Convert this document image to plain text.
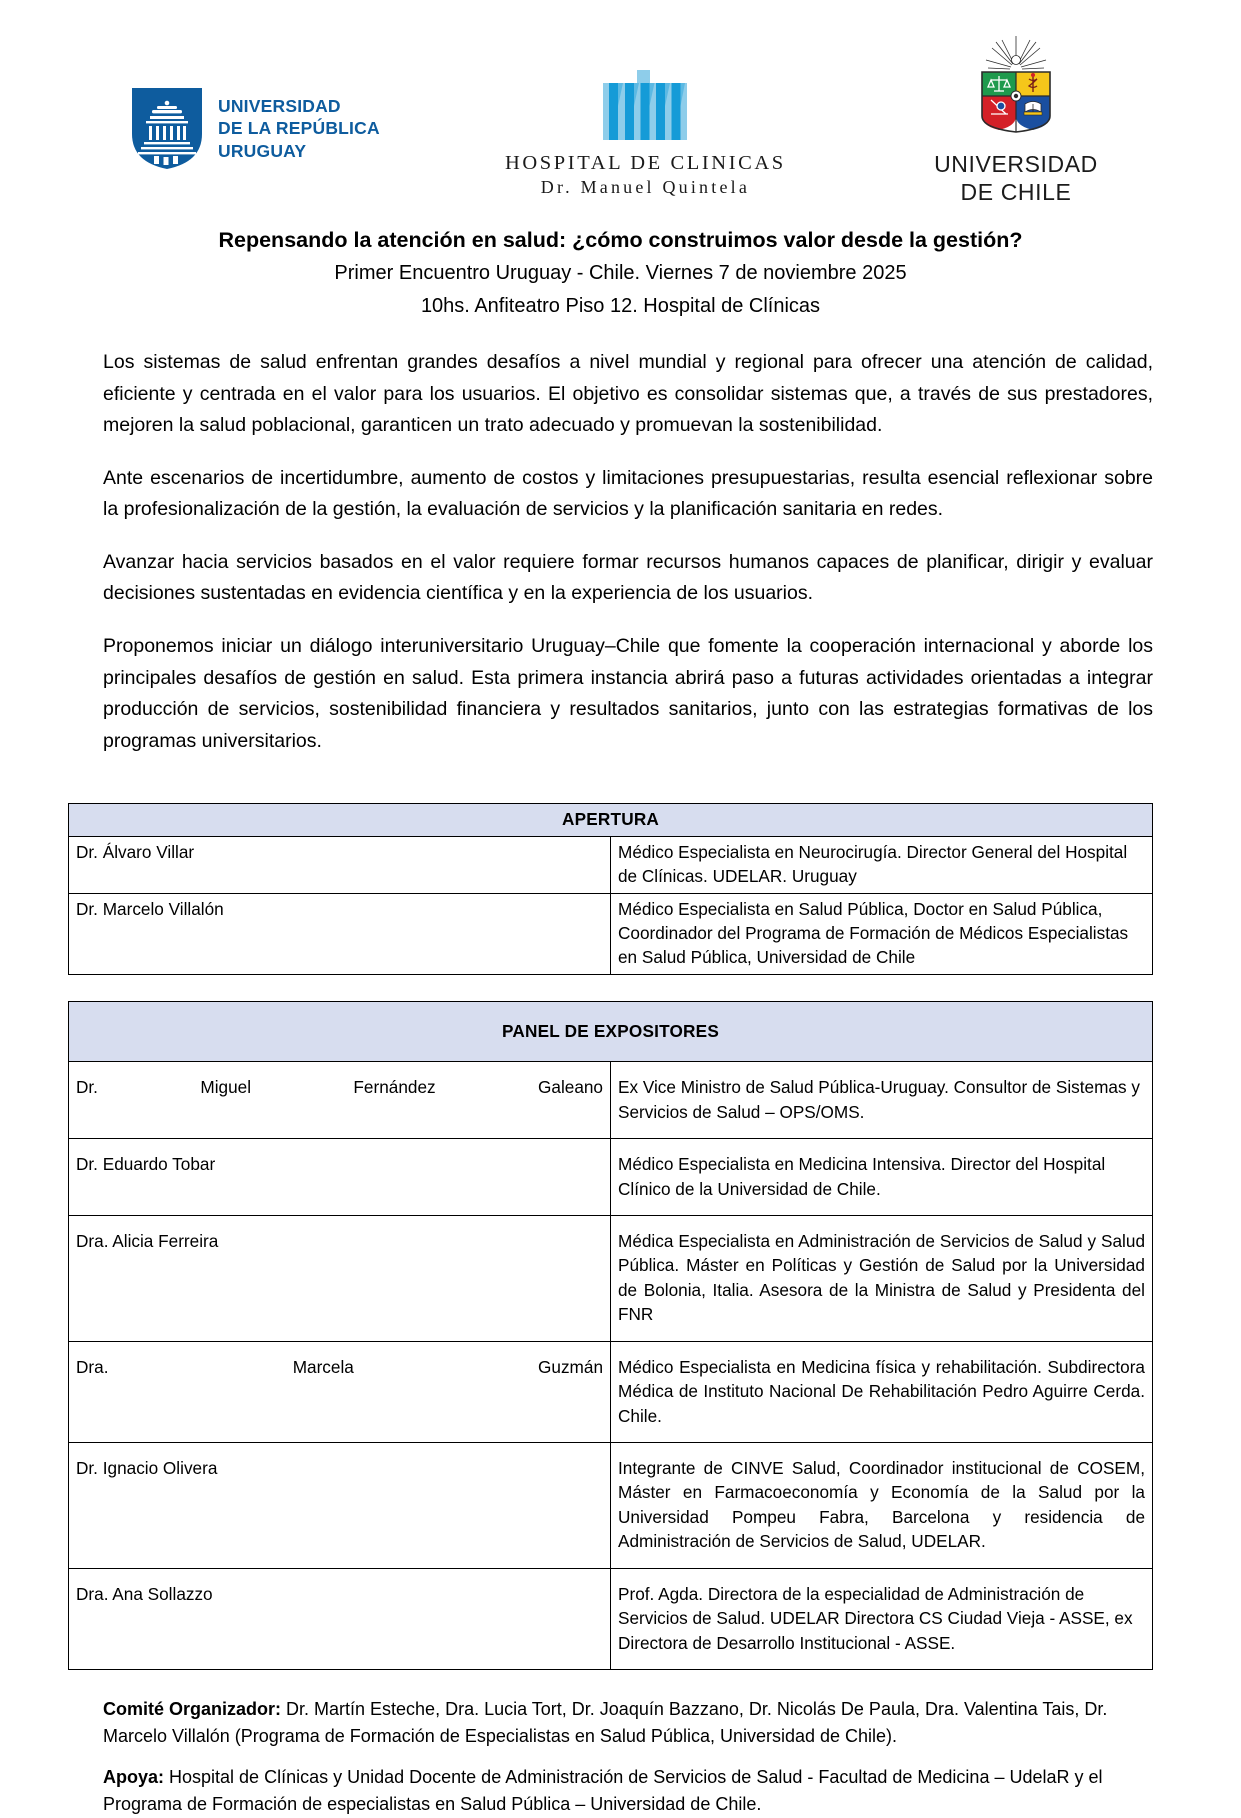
UNIVERSIDAD
DE LA REPÚBLICA
URUGUAY
HOSPITAL DE CLINICAS
Dr. Manuel Quintela
UNIVERSIDAD
DE CHILE
Repensando la atención en salud: ¿cómo construimos valor desde la gestión?
Primer Encuentro Uruguay - Chile. Viernes 7 de noviembre 2025
10hs. Anfiteatro Piso 12. Hospital de Clínicas

Los sistemas de salud enfrentan grandes desafíos a nivel mundial y regional para ofrecer una atención de calidad, eficiente y centrada en el valor para los usuarios. El objetivo es consolidar sistemas que, a través de sus prestadores, mejoren la salud poblacional, garanticen un trato adecuado y promuevan la sostenibilidad.

Ante escenarios de incertidumbre, aumento de costos y limitaciones presupuestarias, resulta esencial reflexionar sobre la profesionalización de la gestión, la evaluación de servicios y la planificación sanitaria en redes.

Avanzar hacia servicios basados en el valor requiere formar recursos humanos capaces de planificar, dirigir y evaluar decisiones sustentadas en evidencia científica y en la experiencia de los usuarios.

Proponemos iniciar un diálogo interuniversitario Uruguay–Chile que fomente la cooperación internacional y aborde los principales desafíos de gestión en salud. Esta primera instancia abrirá paso a futuras actividades orientadas a integrar producción de servicios, sostenibilidad financiera y resultados sanitarios, junto con las estrategias formativas de los programas universitarios.

APERTURA	
Dr. Álvaro Villar	Médico Especialista en Neurocirugía. Director General del Hospital de Clínicas. UDELAR. Uruguay
Dr. Marcelo Villalón	Médico Especialista en Salud Pública, Doctor en Salud Pública, Coordinador del Programa de Formación de Médicos Especialistas en Salud Pública, Universidad de Chile
PANEL DE EXPOSITORES	
Dr. Miguel Fernández Galeano	Ex Vice Ministro de Salud Pública-Uruguay. Consultor de Sistemas y Servicios de Salud – OPS/OMS.
Dr. Eduardo Tobar	Médico Especialista en Medicina Intensiva. Director del Hospital Clínico de la Universidad de Chile.
Dra. Alicia Ferreira	Médica Especialista en Administración de Servicios de Salud y Salud Pública. Máster en Políticas y Gestión de Salud por la Universidad de Bolonia, Italia. Asesora de la Ministra de Salud y Presidenta del FNR
Dra. Marcela Guzmán	Médico Especialista en Medicina física y rehabilitación. Subdirectora Médica de Instituto Nacional De Rehabilitación Pedro Aguirre Cerda. Chile.
Dr. Ignacio Olivera	Integrante de CINVE Salud, Coordinador institucional de COSEM, Máster en Farmacoeconomía y Economía de la Salud por la Universidad Pompeu Fabra, Barcelona y residencia de Administración de Servicios de Salud, UDELAR.
Dra. Ana Sollazzo	Prof. Agda. Directora de la especialidad de Administración de Servicios de Salud. UDELAR Directora CS Ciudad Vieja - ASSE, ex Directora de Desarrollo Institucional - ASSE.

Comité Organizador: Dr. Martín Esteche, Dra. Lucia Tort, Dr. Joaquín Bazzano, Dr. Nicolás De Paula, Dra. Valentina Tais, Dr. Marcelo Villalón (Programa de Formación de Especialistas en Salud Pública, Universidad de Chile).

Apoya: Hospital de Clínicas y Unidad Docente de Administración de Servicios de Salud - Facultad de Medicina – UdelaR y el Programa de Formación de especialistas en Salud Pública – Universidad de Chile.
